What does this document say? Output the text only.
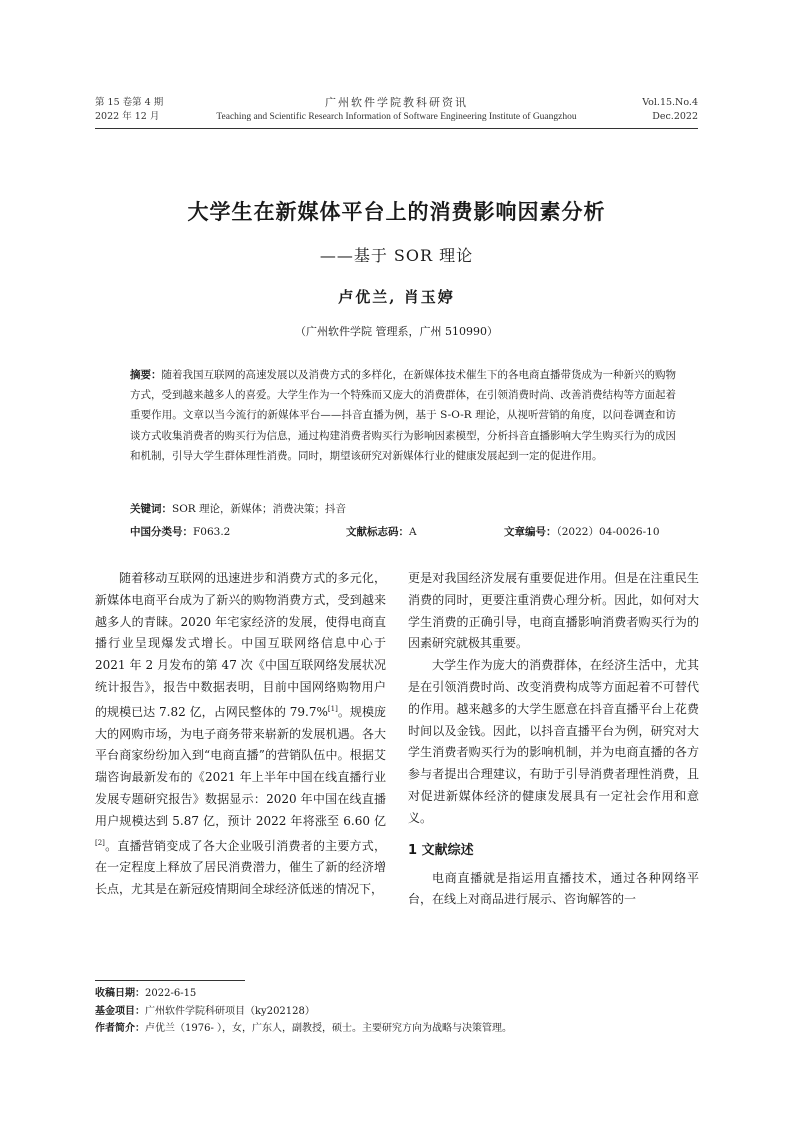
第 15 卷第 4 期
2022 年 12 月
广州软件学院教科研资讯
Teaching and Scientific Research Information of Software Engineering Institute of Guangzhou
Vol.15.No.4
Dec.2022
大学生在新媒体平台上的消费影响因素分析
——基于 SOR 理论
卢优兰, 肖玉婷
（广州软件学院 管理系，广州 510990）
摘要：随着我国互联网的高速发展以及消费方式的多样化，在新媒体技术催生下的各电商直播带货成为一种新兴的购物方式，受到越来越多人的喜爱。大学生作为一个特殊而又庞大的消费群体，在引领消费时尚、改善消费结构等方面起着重要作用。文章以当今流行的新媒体平台——抖音直播为例，基于 S-O-R 理论，从视听营销的角度，以问卷调查和访谈方式收集消费者的购买行为信息，通过构建消费者购买行为影响因素模型，分析抖音直播影响大学生购买行为的成因和机制，引导大学生群体理性消费。同时，期望该研究对新媒体行业的健康发展起到一定的促进作用。
关键词：SOR 理论，新媒体；消费决策；抖音
中国分类号：F063.2	文献标志码：A	文章编号：（2022）04-0026-10

随着移动互联网的迅速进步和消费方式的多元化，新媒体电商平台成为了新兴的购物消费方式，受到越来越多人的青睐。2020 年宅家经济的发展，使得电商直播行业呈现爆发式增长。中国互联网络信息中心于 2021 年 2 月发布的第 47 次《中国互联网络发展状况统计报告》，报告中数据表明，目前中国网络购物用户的规模已达 7.82 亿，占网民整体的 79.7%[1]。规模庞大的网购市场，为电子商务带来崭新的发展机遇。各大平台商家纷纷加入到“电商直播”的营销队伍中。根据艾瑞咨询最新发布的《2021 年上半年中国在线直播行业发展专题研究报告》数据显示：2020 年中国在线直播用户规模达到 5.87 亿，预计 2022 年将涨至 6.60 亿[2]。直播营销变成了各大企业吸引消费者的主要方式，在一定程度上释放了居民消费潜力，催生了新的经济增长点，尤其是在新冠疫情期间全球经济低迷的情况下，

更是对我国经济发展有重要促进作用。但是在注重民生消费的同时，更要注重消费心理分析。因此，如何对大学生消费的正确引导，电商直播影响消费者购买行为的因素研究就极其重要。

大学生作为庞大的消费群体，在经济生活中，尤其是在引领消费时尚、改变消费构成等方面起着不可替代的作用。越来越多的大学生愿意在抖音直播平台上花费时间以及金钱。因此，以抖音直播平台为例，研究对大学生消费者购买行为的影响机制，并为电商直播的各方参与者提出合理建议，有助于引导消费者理性消费，且对促进新媒体经济的健康发展具有一定社会作用和意义。

1 文献综述

电商直播就是指运用直播技术，通过各种网络平台，在线上对商品进行展示、咨询解答的一

收稿日期：2022-6-15
基金项目：广州软件学院科研项目（ky202128）
作者简介：卢优兰（1976- ），女，广东人，副教授，硕士。主要研究方向为战略与决策管理。
